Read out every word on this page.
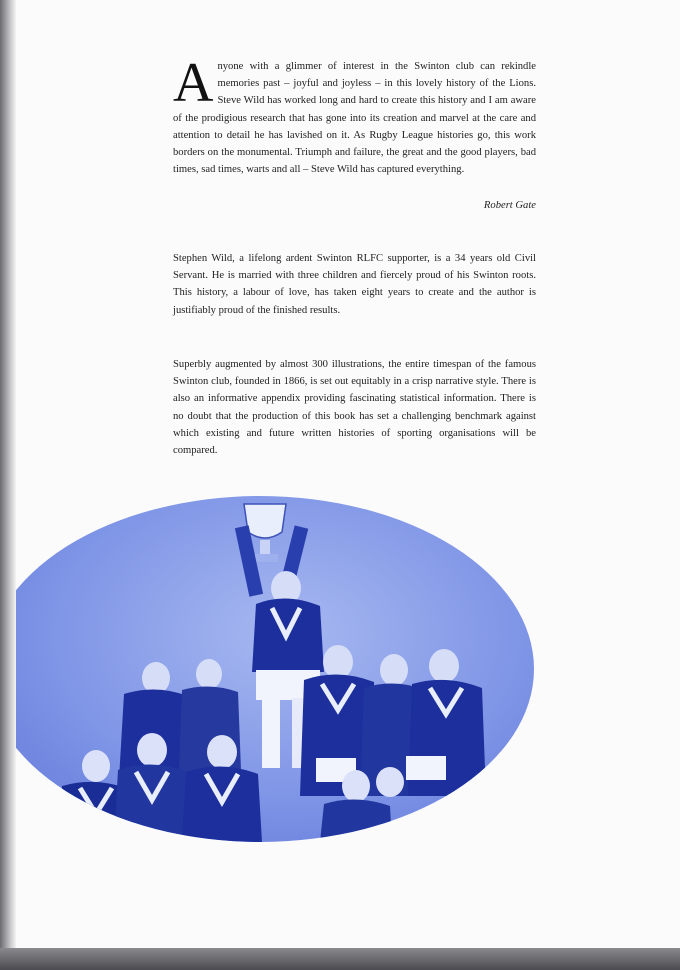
Anyone with a glimmer of interest in the Swinton club can rekindle memories past – joyful and joyless – in this lovely history of the Lions. Steve Wild has worked long and hard to create this history and I am aware of the prodigious research that has gone into its creation and marvel at the care and attention to detail he has lavished on it. As Rugby League histories go, this work borders on the monumental. Triumph and failure, the great and the good players, bad times, sad times, warts and all – Steve Wild has captured everything.
Robert Gate
Stephen Wild, a lifelong ardent Swinton RLFC supporter, is a 34 years old Civil Servant. He is married with three children and fiercely proud of his Swinton roots. This history, a labour of love, has taken eight years to create and the author is justifiably proud of the finished results.
Superbly augmented by almost 300 illustrations, the entire timespan of the famous Swinton club, founded in 1866, is set out equitably in a crisp narrative style. There is also an informative appendix providing fascinating statistical information. There is no doubt that the production of this book has set a challenging benchmark against which existing and future written histories of sporting organisations will be compared.
